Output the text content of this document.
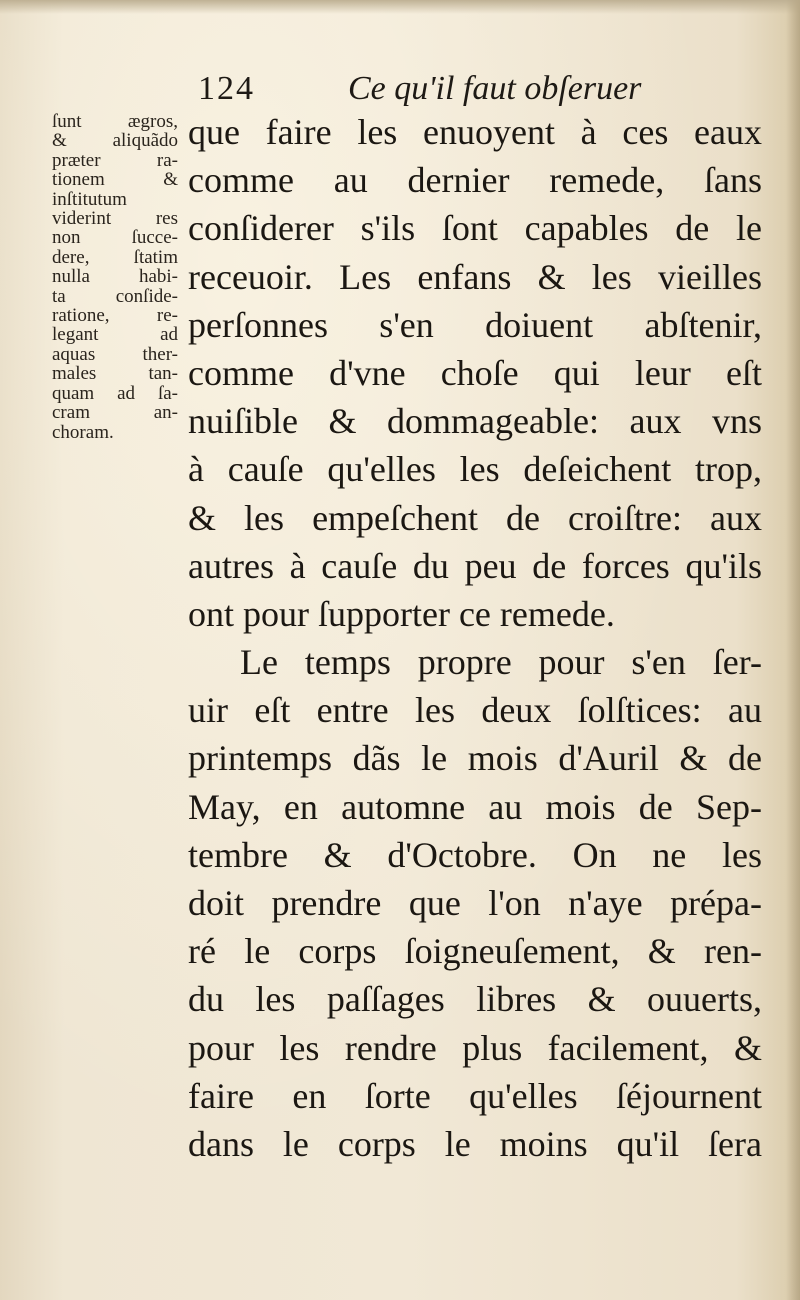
124	Ce qu'il faut obſeruer
ſunt ægros,
& aliquãdo
præter ra-
tionem &
inſtitutum
viderint res
non ſucce-
dere, ſtatim
nulla habi-
ta conſide-
ratione, re-
legant ad
aquas ther-
males tan-
quam ad ſa-
cram an-
choram.
que faire les enuoyent à ces eaux
comme au dernier remede, ſans
conſiderer s'ils ſont capables de le
receuoir. Les enfans & les vieilles
perſonnes s'en doiuent abſtenir,
comme d'vne choſe qui leur eſt
nuiſible & dommageable: aux vns
à cauſe qu'elles les deſeichent trop,
& les empeſchent de croiſtre: aux
autres à cauſe du peu de forces qu'ils
ont pour ſupporter ce remede.
Le temps propre pour s'en ſer-
uir eſt entre les deux ſolſtices: au
printemps dãs le mois d'Auril & de
May, en automne au mois de Sep-
tembre & d'Octobre. On ne les
doit prendre que l'on n'aye prépa-
ré le corps ſoigneuſement, & ren-
du les paſſages libres & ouuerts,
pour les rendre plus facilement, &
faire en ſorte qu'elles ſéjournent
dans le corps le moins qu'il ſera
